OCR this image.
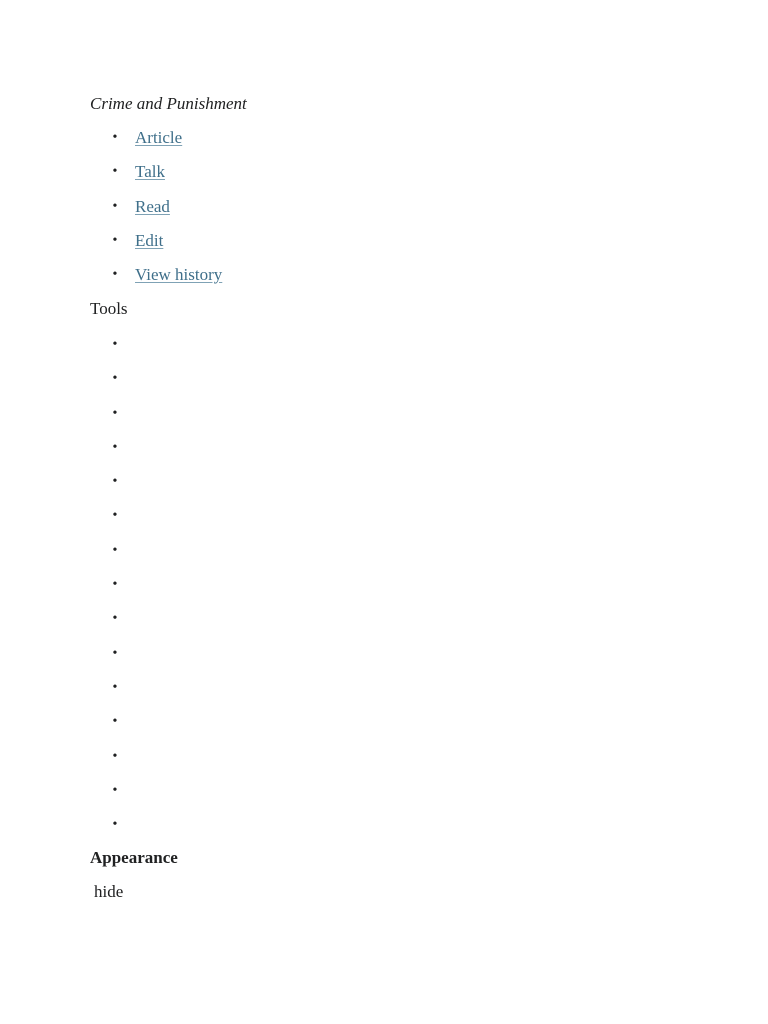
Crime and Punishment
• Article
• Talk
• Read
• Edit
• View history
Tools
•
•
•
•
•
•
•
•
•
•
•
•
•
•
•
Appearance
hide
